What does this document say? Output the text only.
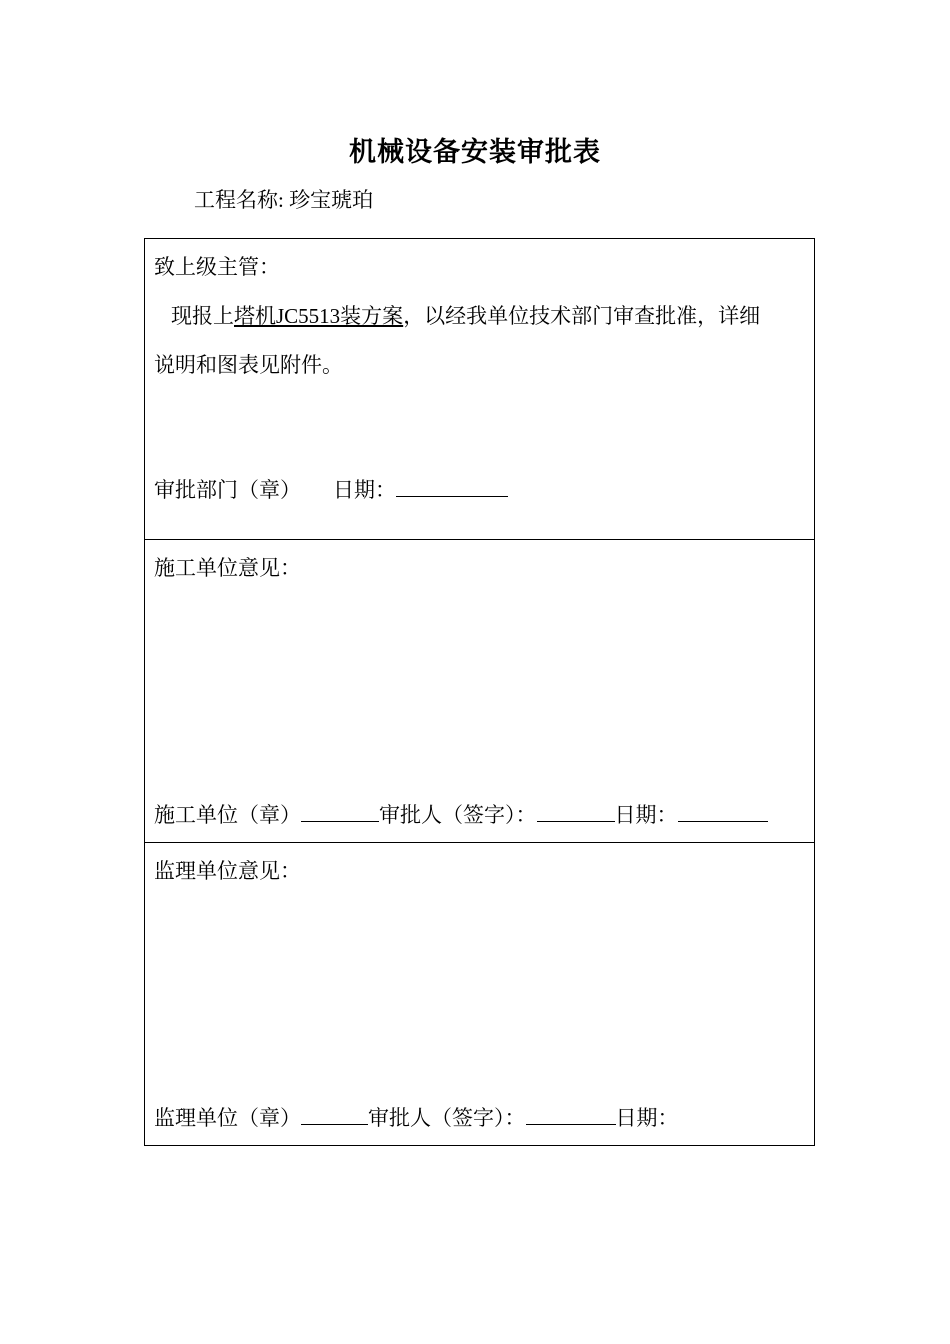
机械设备安装审批表
工程名称: 珍宝琥珀
致上级主管：
现报上塔机JC5513装方案，以经我单位技术部门审查批准，详细
说明和图表见附件。
审批部门（章） 日期：
施工单位意见：
施工单位（章）	审批人（签字）：	日期：
监理单位意见：
监理单位（章）	审批人（签字）：	日期：
